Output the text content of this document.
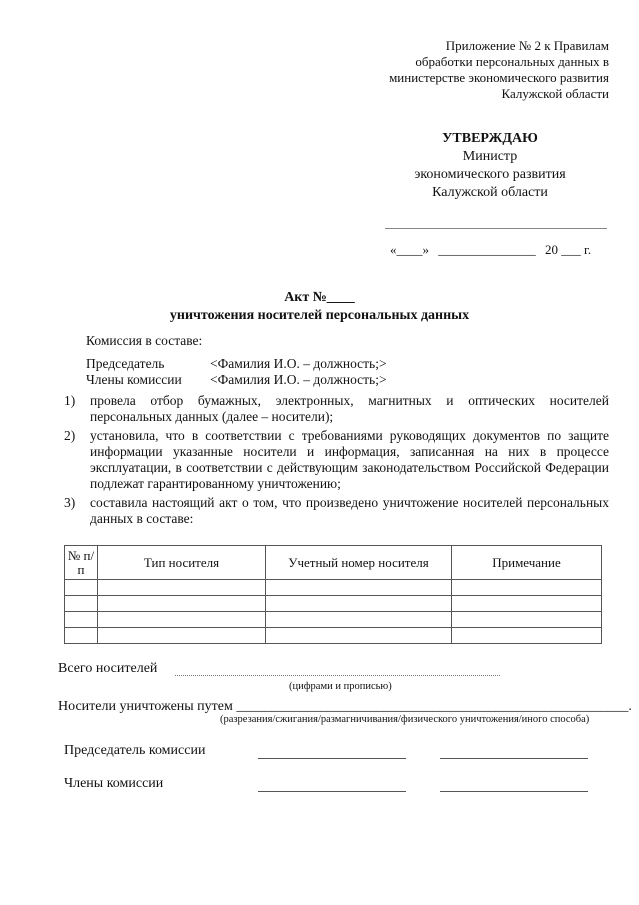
Приложение № 2 к Правилам
обработки персональных данных в
министерстве экономического развития
Калужской области
УТВЕРЖДАЮ
Министр
экономического развития
Калужской области
«____» _______________ 20 ___ г.
Акт №____
уничтожения носителей персональных данных
Комиссия в составе:
Председатель	<Фамилия И.О. – должность;>
Члены комиссии	<Фамилия И.О. – должность;>
1)	провела отбор бумажных, электронных, магнитных и оптических носителей персональных данных (далее – носители);
2)	установила, что в соответствии с требованиями руководящих документов по защите информации указанные носители и информация, записанная на них в процессе эксплуатации, в соответствии с действующим законодательством Российской Федерации подлежат гарантированному уничтожению;
3)	составила настоящий акт о том, что произведено уничтожение носителей персональных данных в составе:
№ п/п	Тип носителя	Учетный номер носителя	Примечание

Всего носителей
(цифрами и прописью)
Носители уничтожены путем ________________________________________________________.
(разрезания/сжигания/размагничивания/физического уничтожения/иного способа)
Председатель комиссии
Члены комиссии
